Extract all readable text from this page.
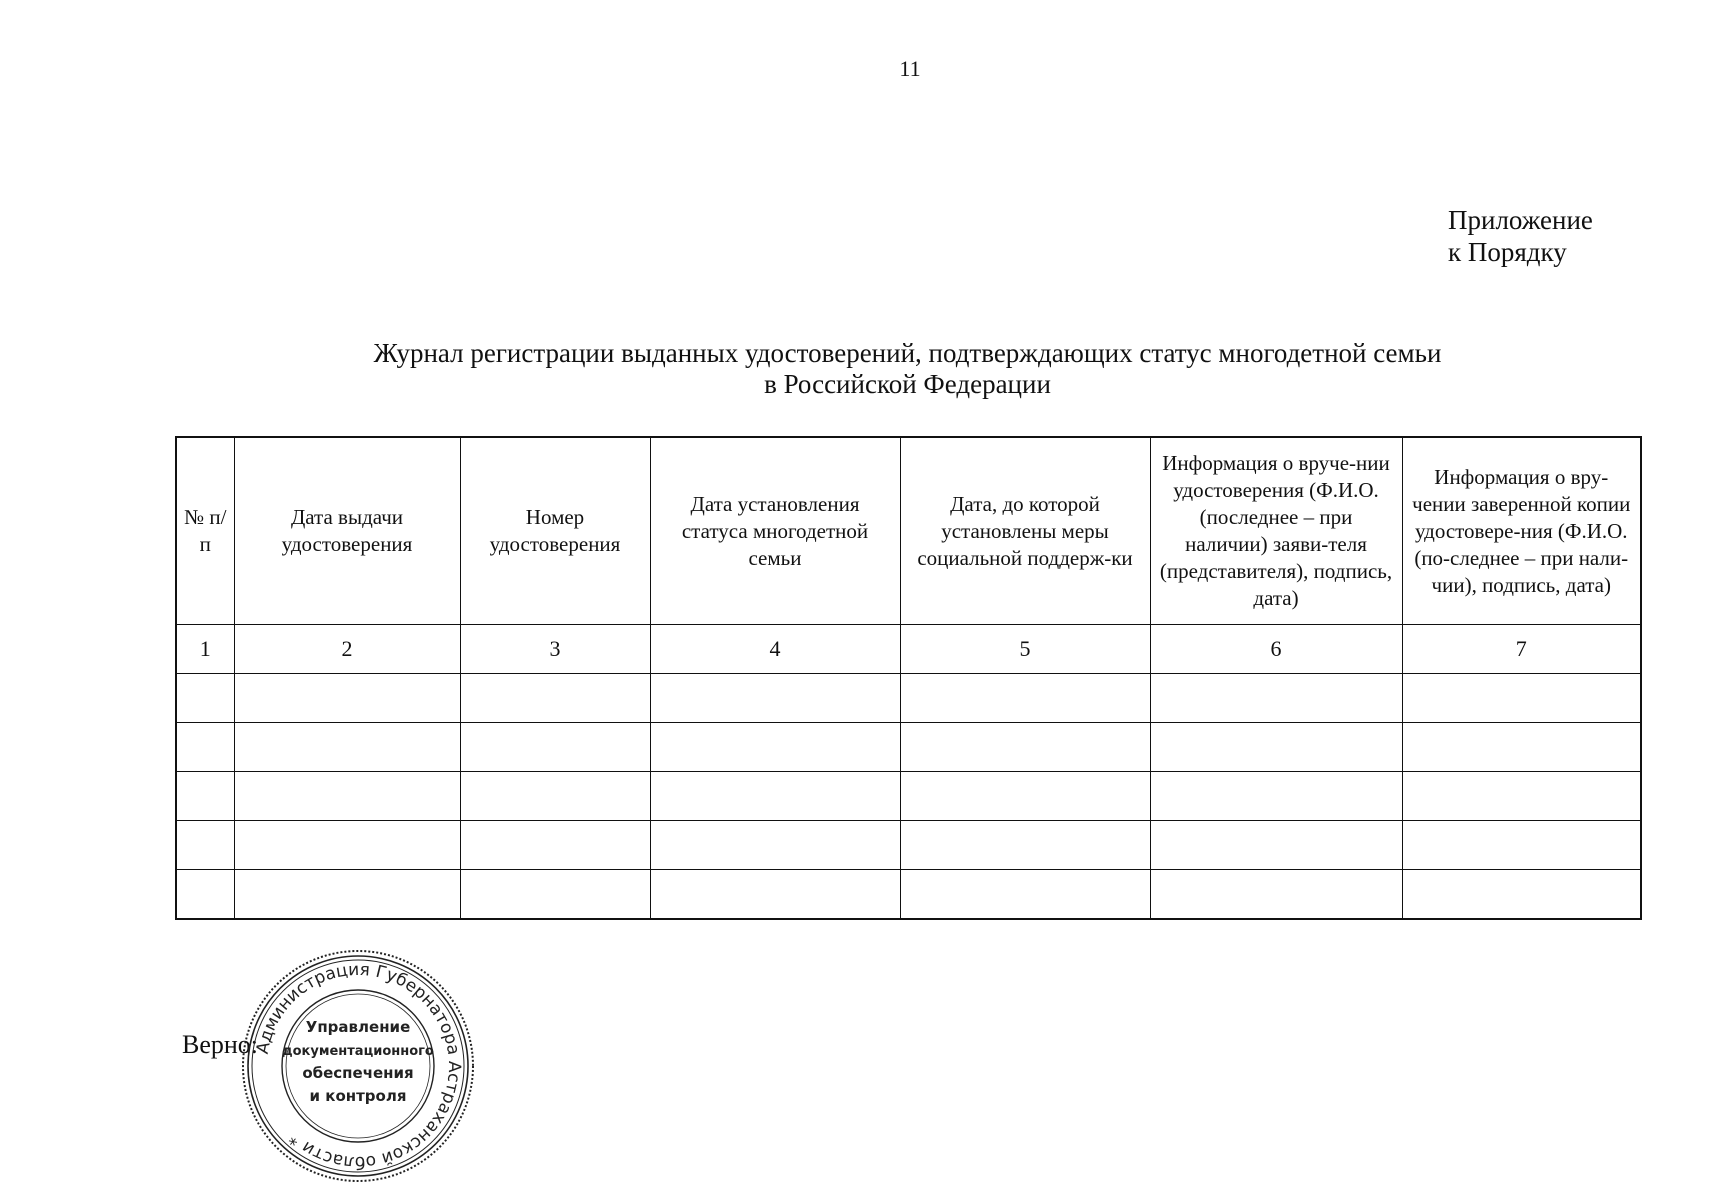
11
Приложение
к Порядку
Журнал регистрации выданных удостоверений, подтверждающих статус многодетной семьи
в Российской Федерации
№ п/п	Дата выдачи удостоверения	Номер удостоверения	Дата установления статуса многодетной семьи	Дата, до которой установлены меры социальной поддерж-ки	Информация о вруче-нии удостоверения (Ф.И.О. (последнее – при наличии) заяви-теля (представителя), подпись, дата)	Информация о вру-чении заверенной копии удостовере-ния (Ф.И.О. (по-следнее – при нали-чии), подпись, дата)
1	2	3	4	5	6	7

Верно:
Администрация Губернатора Астраханской области *
Управление
документационного
обеспечения
и контроля
